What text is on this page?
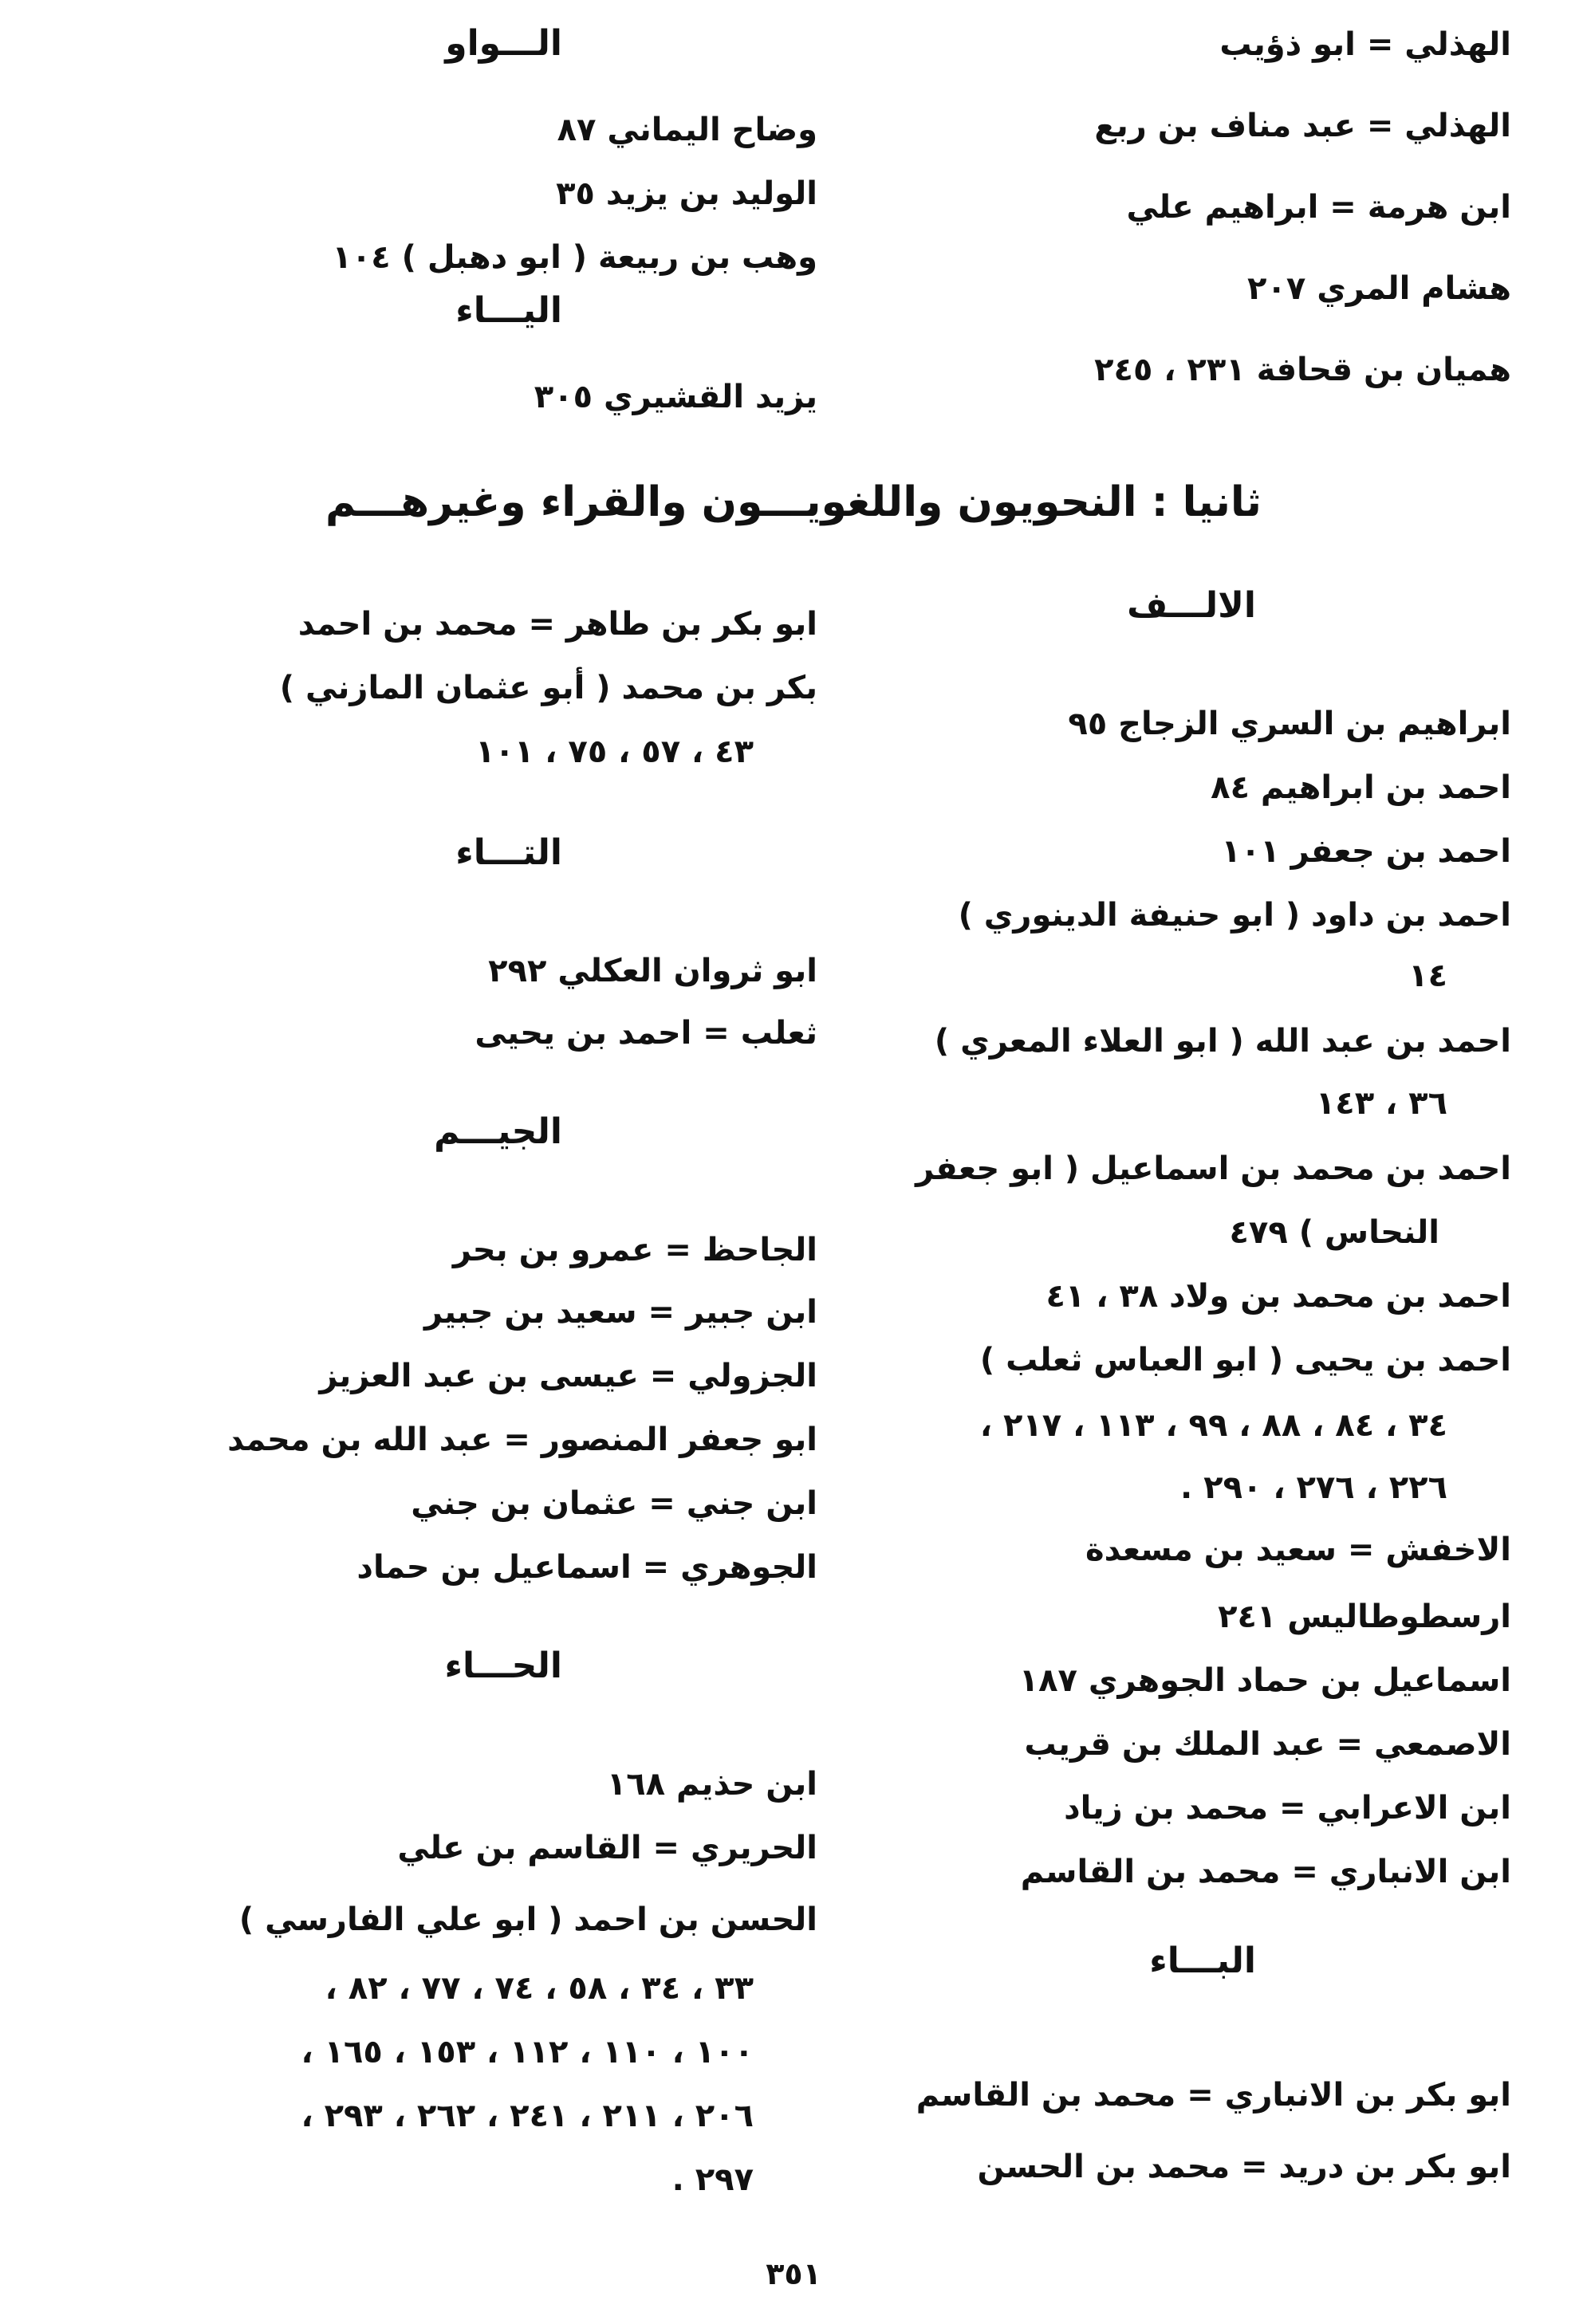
الهذلي = ابو ذؤيب
الهذلي = عبد مناف بن ربع
ابن هرمة = ابراهيم علي
هشام المري ٢٠٧
هميان بن قحافة ٢٣١ ، ٢٤٥
الـــواو
وضاح اليماني ٨٧
الوليد بن يزيد ٣٥
وهب بن ربيعة ( ابو دهبل ) ١٠٤
اليـــاء
يزيد القشيري ٣٠٥
ثانيا : النحويون واللغويـــون والقراء وغيرهـــم
الالـــف
ابراهيم بن السري الزجاج ٩٥
احمد بن ابراهيم ٨٤
احمد بن جعفر ١٠١
احمد بن داود ( ابو حنيفة الدينوري )
١٤
احمد بن عبد الله ( ابو العلاء المعري )
٣٦ ، ١٤٣
احمد بن محمد بن اسماعيل ( ابو جعفر
النحاس ) ٤٧٩
احمد بن محمد بن ولاد ٣٨ ، ٤١
احمد بن يحيى ( ابو العباس ثعلب )
٣٤ ، ٨٤ ، ٨٨ ، ٩٩ ، ١١٣ ، ٢١٧ ،
٢٢٦ ، ٢٧٦ ، ٢٩٠ .
الاخفش = سعيد بن مسعدة
ارسطوطاليس ٢٤١
اسماعيل بن حماد الجوهري ١٨٧
الاصمعي = عبد الملك بن قريب
ابن الاعرابي = محمد بن زياد
ابن الانباري = محمد بن القاسم
البـــاء
ابو بكر بن الانباري = محمد بن القاسم
ابو بكر بن دريد = محمد بن الحسن
ابو بكر بن طاهر = محمد بن احمد
بكر بن محمد ( أبو عثمان المازني )
٤٣ ، ٥٧ ، ٧٥ ، ١٠١
التـــاء
ابو ثروان العكلي ٢٩٢
ثعلب = احمد بن يحيى
الجيـــم
الجاحظ = عمرو بن بحر
ابن جبير = سعيد بن جبير
الجزولي = عيسى بن عبد العزيز
ابو جعفر المنصور = عبد الله بن محمد
ابن جني = عثمان بن جني
الجوهري = اسماعيل بن حماد
الحـــاء
ابن حذيم ١٦٨
الحريري = القاسم بن علي
الحسن بن احمد ( ابو علي الفارسي )
٣٣ ، ٣٤ ، ٥٨ ، ٧٤ ، ٧٧ ، ٨٢ ،
١٠٠ ، ١١٠ ، ١١٢ ، ١٥٣ ، ١٦٥ ،
٢٠٦ ، ٢١١ ، ٢٤١ ، ٢٦٢ ، ٢٩٣ ،
٢٩٧ .
٣٥١
